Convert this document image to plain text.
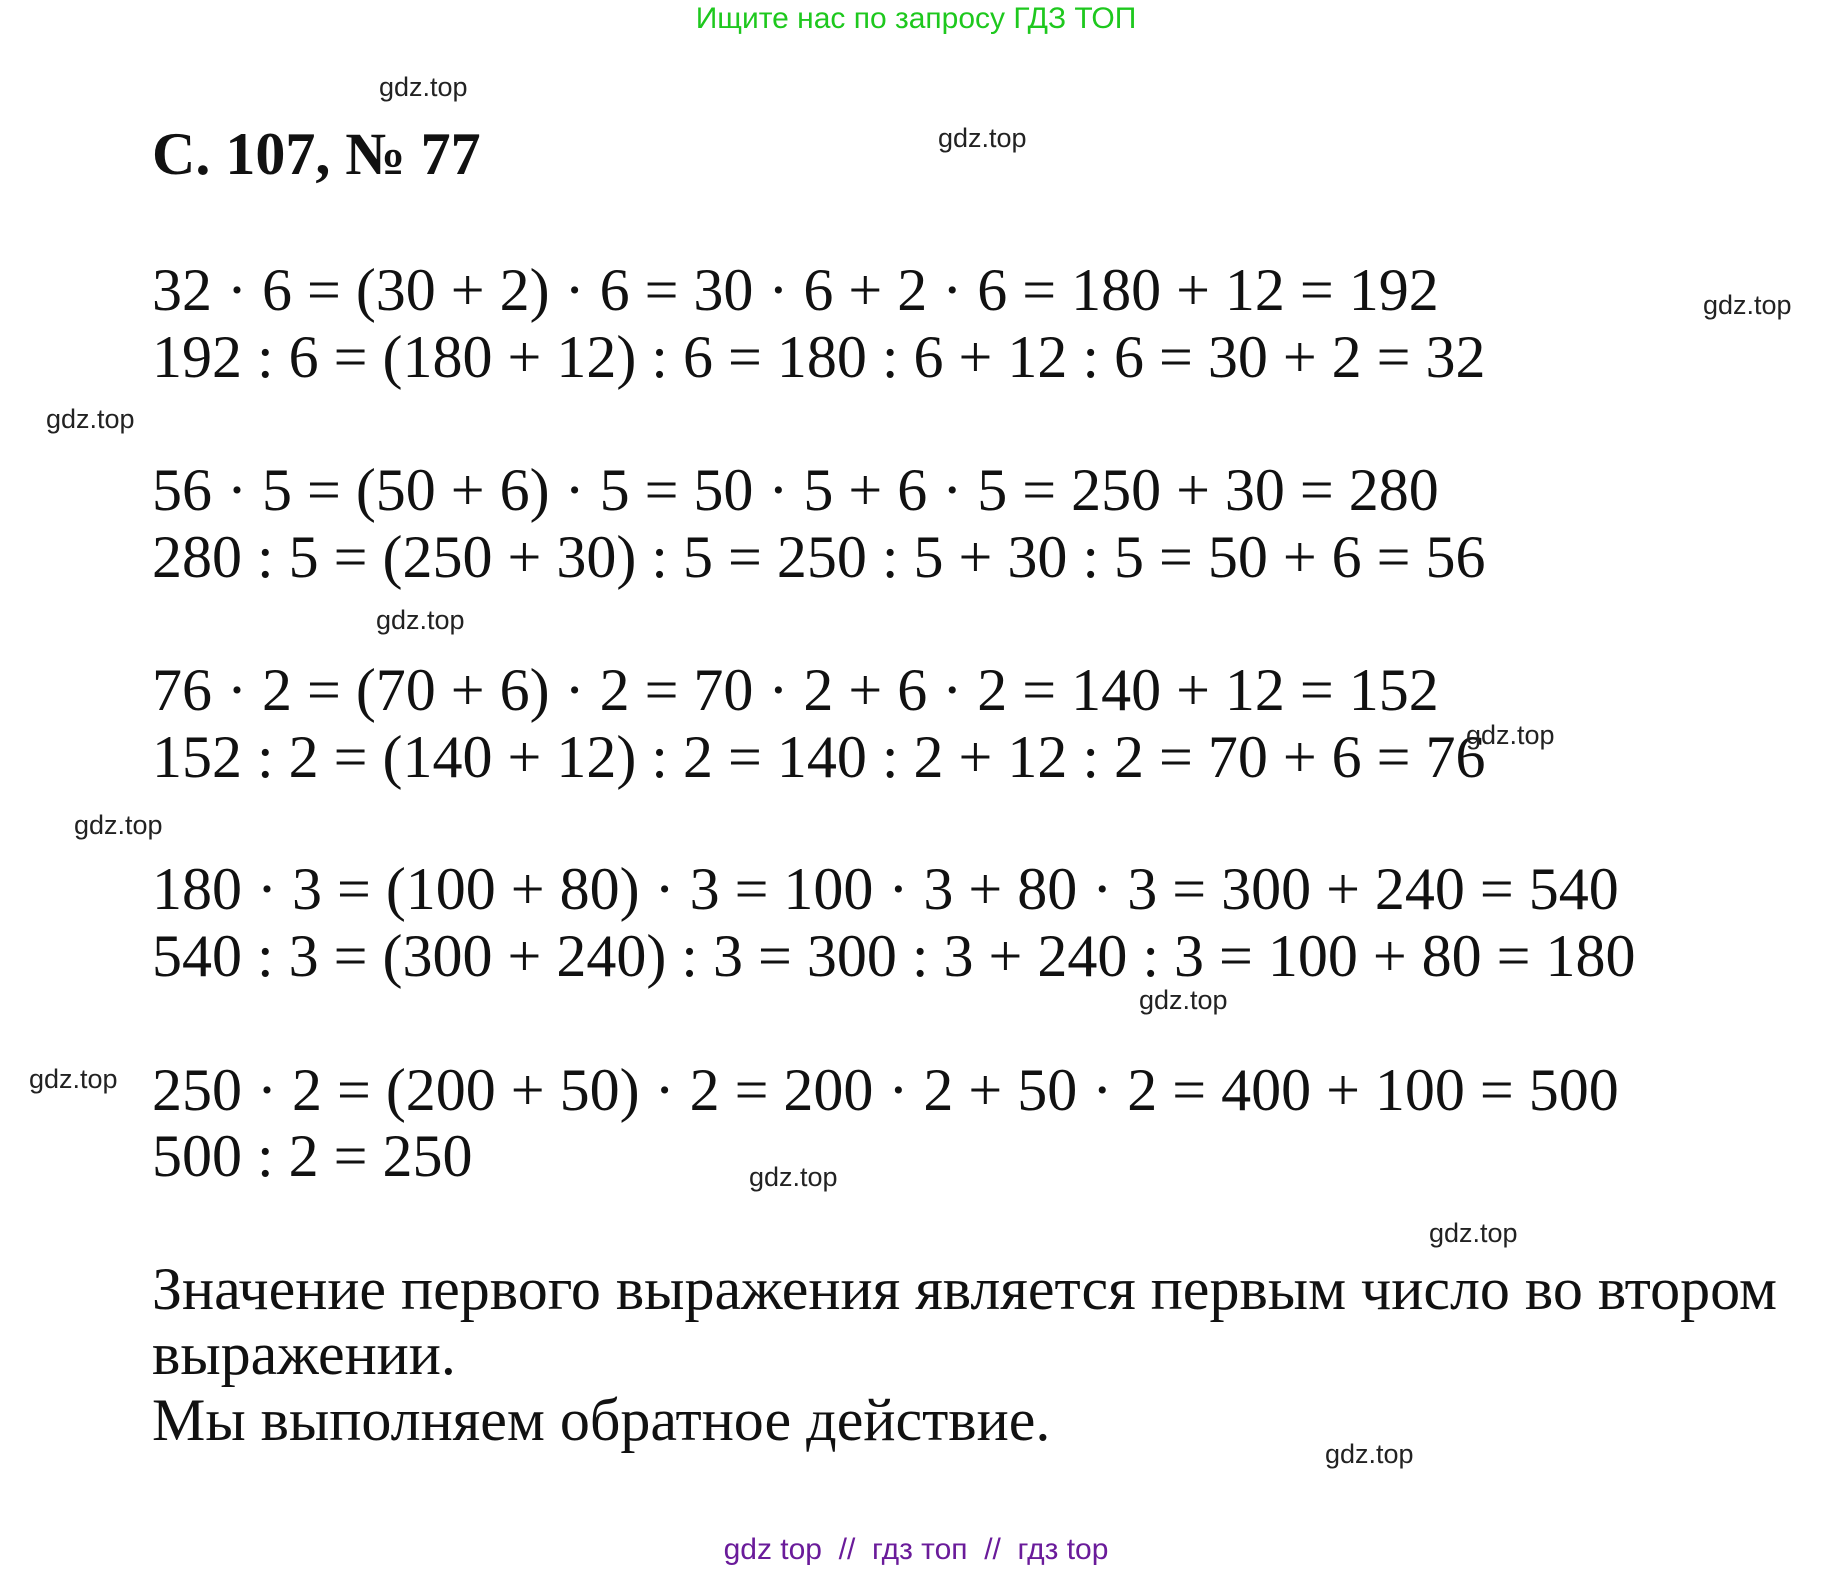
Ищите нас по запросу ГДЗ ТОП
С. 107, № 77
32 · 6 = (30 + 2) · 6 = 30 · 6 + 2 · 6 = 180 + 12 = 192
192 : 6 = (180 + 12) : 6 = 180 : 6 + 12 : 6 = 30 + 2 = 32
56 · 5 = (50 + 6) · 5 = 50 · 5 + 6 · 5 = 250 + 30 = 280
280 : 5 = (250 + 30) : 5 = 250 : 5 + 30 : 5 = 50 + 6 = 56
76 · 2 = (70 + 6) · 2 = 70 · 2 + 6 · 2 = 140 + 12 = 152
152 : 2 = (140 + 12) : 2 = 140 : 2 + 12 : 2 = 70 + 6 = 76
180 · 3 = (100 + 80) · 3 = 100 · 3 + 80 · 3 = 300 + 240 = 540
540 : 3 = (300 + 240) : 3 = 300 : 3 + 240 : 3 = 100 + 80 = 180
250 · 2 = (200 + 50) · 2 = 200 · 2 + 50 · 2 = 400 + 100 = 500
500 : 2 = 250
Значение первого выражения является первым число во втором
выражении.
Мы выполняем обратное действие.
gdz.top
gdz.top
gdz.top
gdz.top
gdz.top
gdz.top
gdz.top
gdz.top
gdz.top
gdz.top
gdz.top
gdz.top
gdz top  //  гдз топ  //  гдз top
